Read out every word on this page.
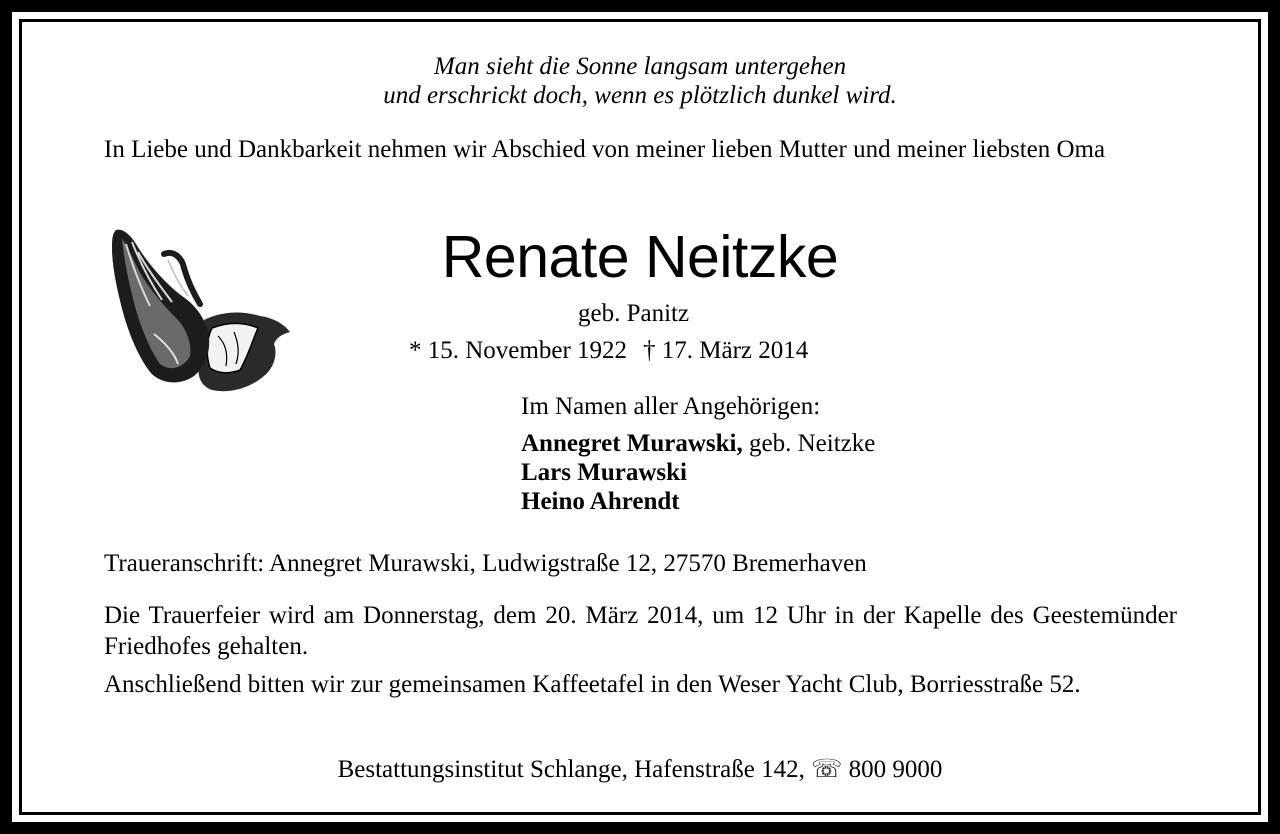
Man sieht die Sonne langsam untergehen
und erschrickt doch, wenn es plötzlich dunkel wird.
In Liebe und Dankbarkeit nehmen wir Abschied von meiner lieben Mutter und meiner liebsten Oma
Renate Neitzke
geb. Panitz
* 15. November 1922 † 17. März 2014
Im Namen aller Angehörigen:
Annegret Murawski, geb. Neitzke
Lars Murawski
Heino Ahrendt
Traueranschrift: Annegret Murawski, Ludwigstraße 12, 27570 Bremerhaven
Die Trauerfeier wird am Donnerstag, dem 20. März 2014, um 12 Uhr in der Kapelle des Geestemünder Friedhofes gehalten.
Anschließend bitten wir zur gemeinsamen Kaffeetafel in den Weser Yacht Club, Borriesstraße 52.
Bestattungsinstitut Schlange, Hafenstraße 142, ☏ 800 9000
